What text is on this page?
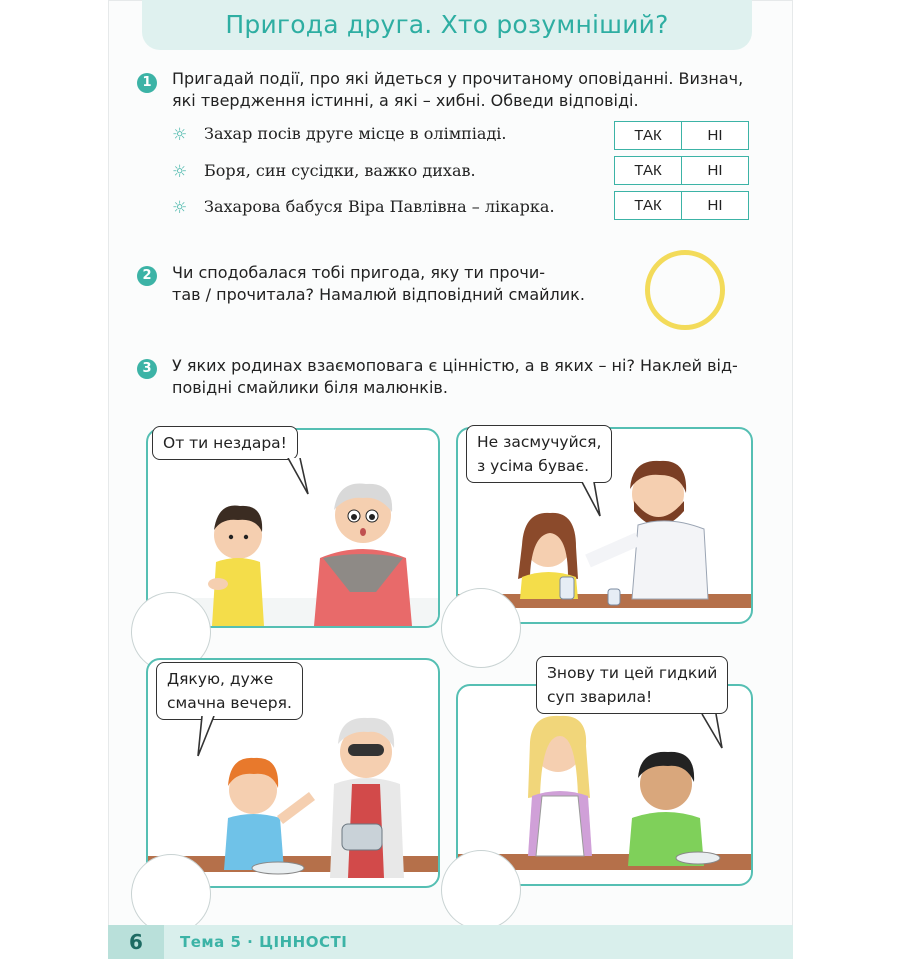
Пригода друга. Хто розумніший?
1	Пригадай події, про які йдеться у прочитаному оповіданні. Визнач,
які твердження істинні, а які – хибні. Обведи відповіді.
☼ Захар посів друге місце в олімпіаді.	ТАК	НІ
☼ Боря, син сусідки, важко дихав.	ТАК	НІ
☼ Захарова бабуся Віра Павлівна – лікарка.	ТАК	НІ
2	Чи сподобалася тобі пригода, яку ти прочи-
тав / прочитала? Намалюй відповідний смайлик.
3	У яких родинах взаємоповага є цінністю, а в яких – ні? Наклей від-
повідні смайлики біля малюнків.
От ти нездара!	Не засмучуйся,
з усіма буває.
Дякую, дуже
смачна вечеря.
Знову ти цей гидкий
суп зварила!
6	Тема 5 · ЦІННОСТІ
